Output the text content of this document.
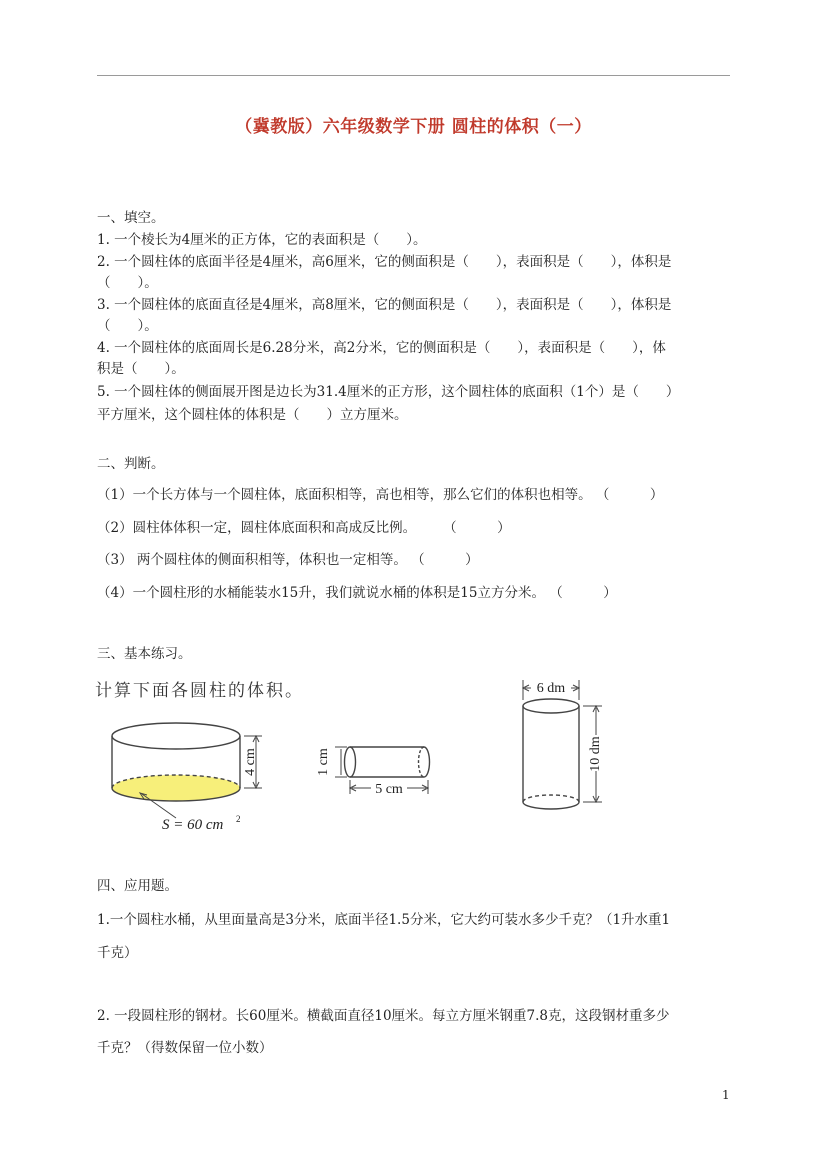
（冀教版）六年级数学下册 圆柱的体积（一）
一、填空。
1. 一个棱长为4厘米的正方体，它的表面积是（　　）。
2. 一个圆柱体的底面半径是4厘米，高6厘米，它的侧面积是（　　），表面积是（　　），体积是
（　　）。
3. 一个圆柱体的底面直径是4厘米，高8厘米，它的侧面积是（　　），表面积是（　　），体积是
（　　）。
4. 一个圆柱体的底面周长是6.28分米，高2分米，它的侧面积是（　　），表面积是（　　），体
积是（　　）。
5. 一个圆柱体的侧面展开图是边长为31.4厘米的正方形，这个圆柱体的底面积（1个）是（　　）
平方厘米，这个圆柱体的体积是（　　）立方厘米。
二、判断。
（1）一个长方体与一个圆柱体，底面积相等，高也相等，那么它们的体积也相等。 （　　　）
（2）圆柱体体积一定，圆柱体底面积和高成反比例。　　　（　　　）
（3） 两个圆柱体的侧面积相等，体积也一定相等。 （　　　）
（4）一个圆柱形的水桶能装水15升，我们就说水桶的体积是15立方分米。 （　　　）
三、基本练习。
计算下面各圆柱的体积。
4 cm
S = 60 cm 2
1 cm
5 cm
6 dm
10 dm
四、应用题。
1.一个圆柱水桶，从里面量高是3分米，底面半径1.5分米，它大约可装水多少千克？（1升水重1
千克）
2. 一段圆柱形的钢材。长60厘米。横截面直径10厘米。每立方厘米钢重7.8克，这段钢材重多少
千克？（得数保留一位小数）
1
